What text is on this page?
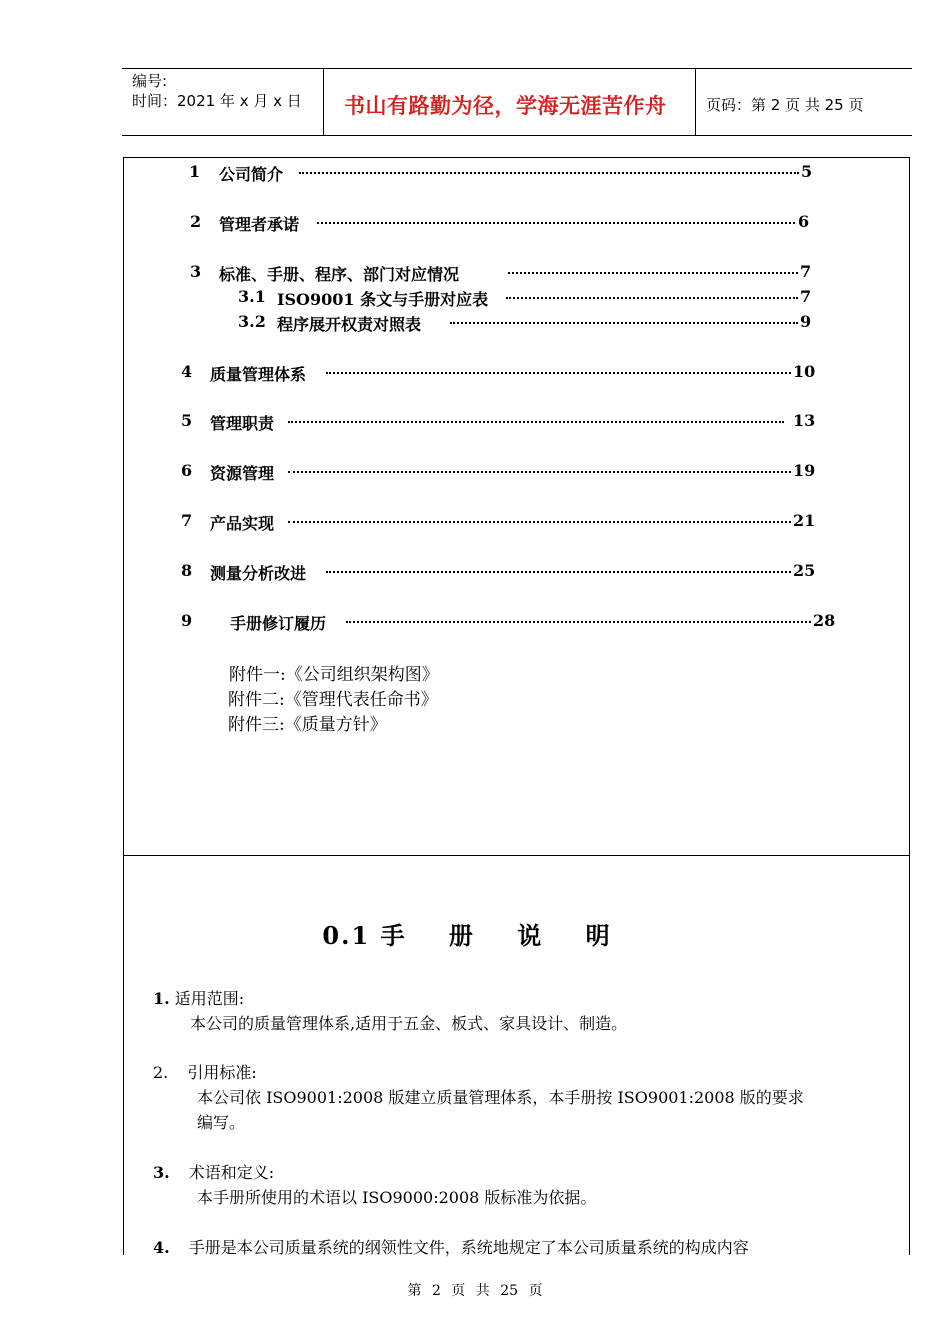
编号:
时间：2021 年 x 月 x 日 书山有路勤为径，学海无涯苦作舟	页码：第 2 页 共 25 页
1 公司简介	5
2 管理者承诺	6
3 标准、手册、程序、部门对应情况	7
3.1 ISO9001 条文与手册对应表	7
3.2 程序展开权责对照表	9
4 质量管理体系	10
5 管理职责	13
6 资源管理	19
7 产品实现	21
8 测量分析改进	25
9 手册修订履历	28
附件一:《公司组织架构图》
附件二:《管理代表任命书》
附件三:《质量方针》
0.1 手 册 说 明
1. 适用范围:
本公司的质量管理体系,适用于五金、板式、家具设计、制造。
2. 引用标准:
本公司依 ISO9001:2008 版建立质量管理体系，本手册按 ISO9001:2008 版的要求
编写。
3. 术语和定义:
本手册所使用的术语以 ISO9000:2008 版标准为依据。
4. 手册是本公司质量系统的纲领性文件，系统地规定了本公司质量系统的构成内容
第 2 页 共 25 页
